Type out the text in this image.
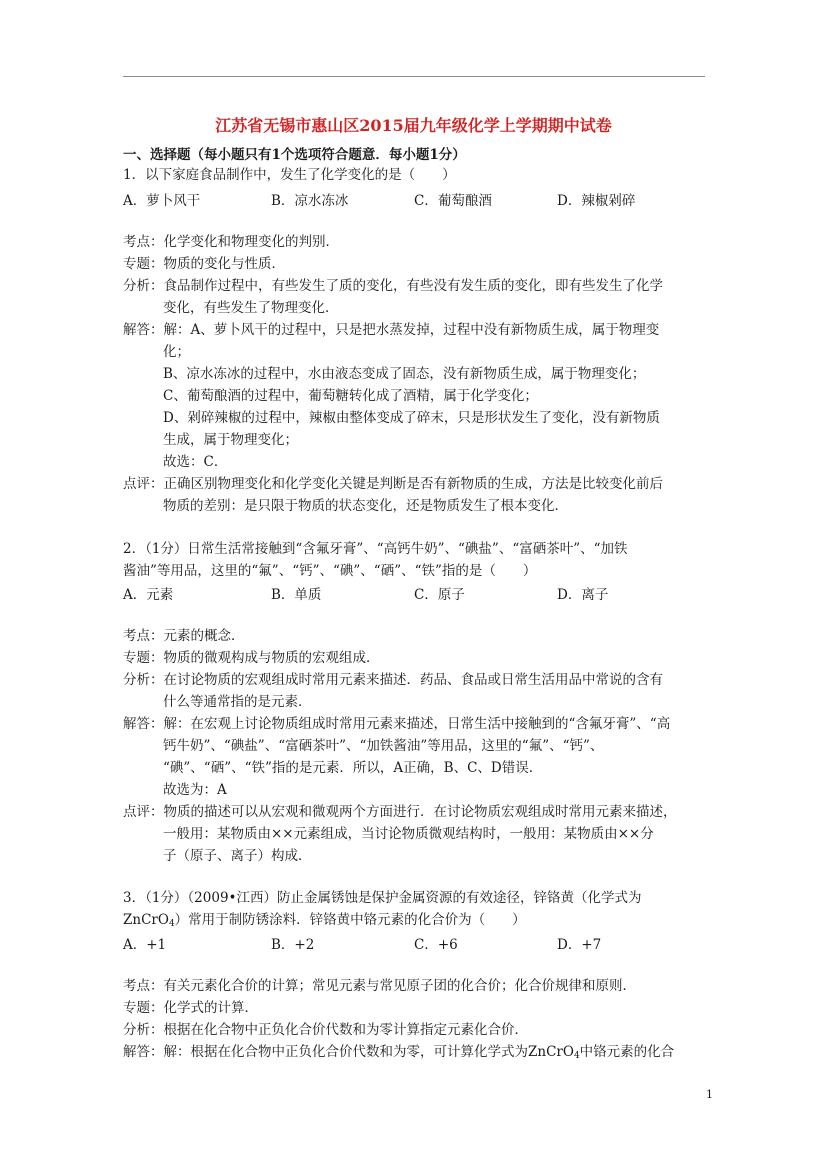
江苏省无锡市惠山区2015届九年级化学上学期期中试卷
一、选择题（每小题只有1个选项符合题意．每小题1分）
1．以下家庭食品制作中，发生了化学变化的是（　　）
A．萝卜风干	B．凉水冻冰	C．葡萄酿酒	D．辣椒剁碎
考点：化学变化和物理变化的判别．
专题：物质的变化与性质．
分析：食品制作过程中，有些发生了质的变化，有些没有发生质的变化，即有些发生了化学
变化，有些发生了物理变化．
解答：解：A、萝卜风干的过程中，只是把水蒸发掉，过程中没有新物质生成，属于物理变
化；
B、凉水冻冰的过程中，水由液态变成了固态，没有新物质生成，属于物理变化；
C、葡萄酿酒的过程中，葡萄糖转化成了酒精，属于化学变化；
D、剁碎辣椒的过程中，辣椒由整体变成了碎末，只是形状发生了变化，没有新物质
生成，属于物理变化；
故选：C．
点评：正确区别物理变化和化学变化关键是判断是否有新物质的生成，方法是比较变化前后
物质的差别：是只限于物质的状态变化，还是物质发生了根本变化．
2．（1分）日常生活常接触到“含氟牙膏”、“高钙牛奶”、“碘盐”、“富硒茶叶”、“加铁
酱油”等用品，这里的“氟”、“钙”、“碘”、“硒”、“铁”指的是（　　）
A．元素	B．单质	C．原子	D．离子
考点：元素的概念．
专题：物质的微观构成与物质的宏观组成．
分析：在讨论物质的宏观组成时常用元素来描述．药品、食品或日常生活用品中常说的含有
什么等通常指的是元素．
解答：解：在宏观上讨论物质组成时常用元素来描述，日常生活中接触到的“含氟牙膏”、“高
钙牛奶”、“碘盐”、“富硒茶叶”、“加铁酱油”等用品，这里的“氟”、“钙”、
“碘”、“硒”、“铁”指的是元素．所以，A正确，B、C、D错误．
故选为：A
点评：物质的描述可以从宏观和微观两个方面进行．在讨论物质宏观组成时常用元素来描述，
一般用：某物质由××元素组成，当讨论物质微观结构时，一般用：某物质由××分
子（原子、离子）构成．
3．（1分）（2009•江西）防止金属锈蚀是保护金属资源的有效途径，锌铬黄（化学式为
ZnCrO$_4$）常用于制防锈涂料．锌铬黄中铬元素的化合价为（　　）
A．+1	B．+2	C．+6	D．+7
考点：有关元素化合价的计算；常见元素与常见原子团的化合价；化合价规律和原则．
专题：化学式的计算．
分析：根据在化合物中正负化合价代数和为零计算指定元素化合价．
解答：解：根据在化合物中正负化合价代数和为零，可计算化学式为ZnCrO$_4$中铬元素的化合
1
